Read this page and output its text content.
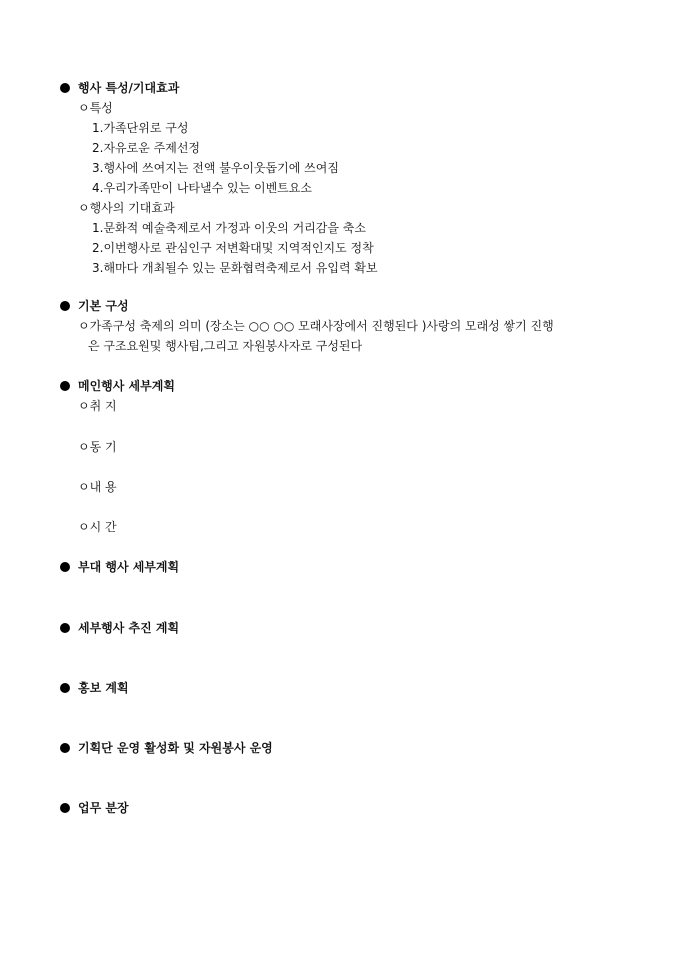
행사 특성/기대효과
ㅇ특성
1.가족단위로 구성
2.자유로운 주제선정
3.행사에 쓰여지는 전액 불우이웃돕기에 쓰여짐
4.우리가족만이 나타낼수 있는 이벤트요소
ㅇ행사의 기대효과
1.문화적 예술축제로서 가정과 이웃의 거리감을 축소
2.이번행사로 관심인구 저변확대및 지역적인지도 정착
3.해마다 개최될수 있는 문화협력축제로서 유입력 확보
기본 구성
ㅇ가족구성 축제의 의미 (장소는 ○○ ○○ 모래사장에서 진행된다 )사랑의 모래성 쌓기 진행
은 구조요원및 행사팀,그리고 자원봉사자로 구성된다
메인행사 세부계획
ㅇ취 지
ㅇ동 기
ㅇ내 용
ㅇ시 간
부대 행사 세부계획
세부행사 추진 계획
홍보 계획
기획단 운영 활성화 및 자원봉사 운영
업무 분장
